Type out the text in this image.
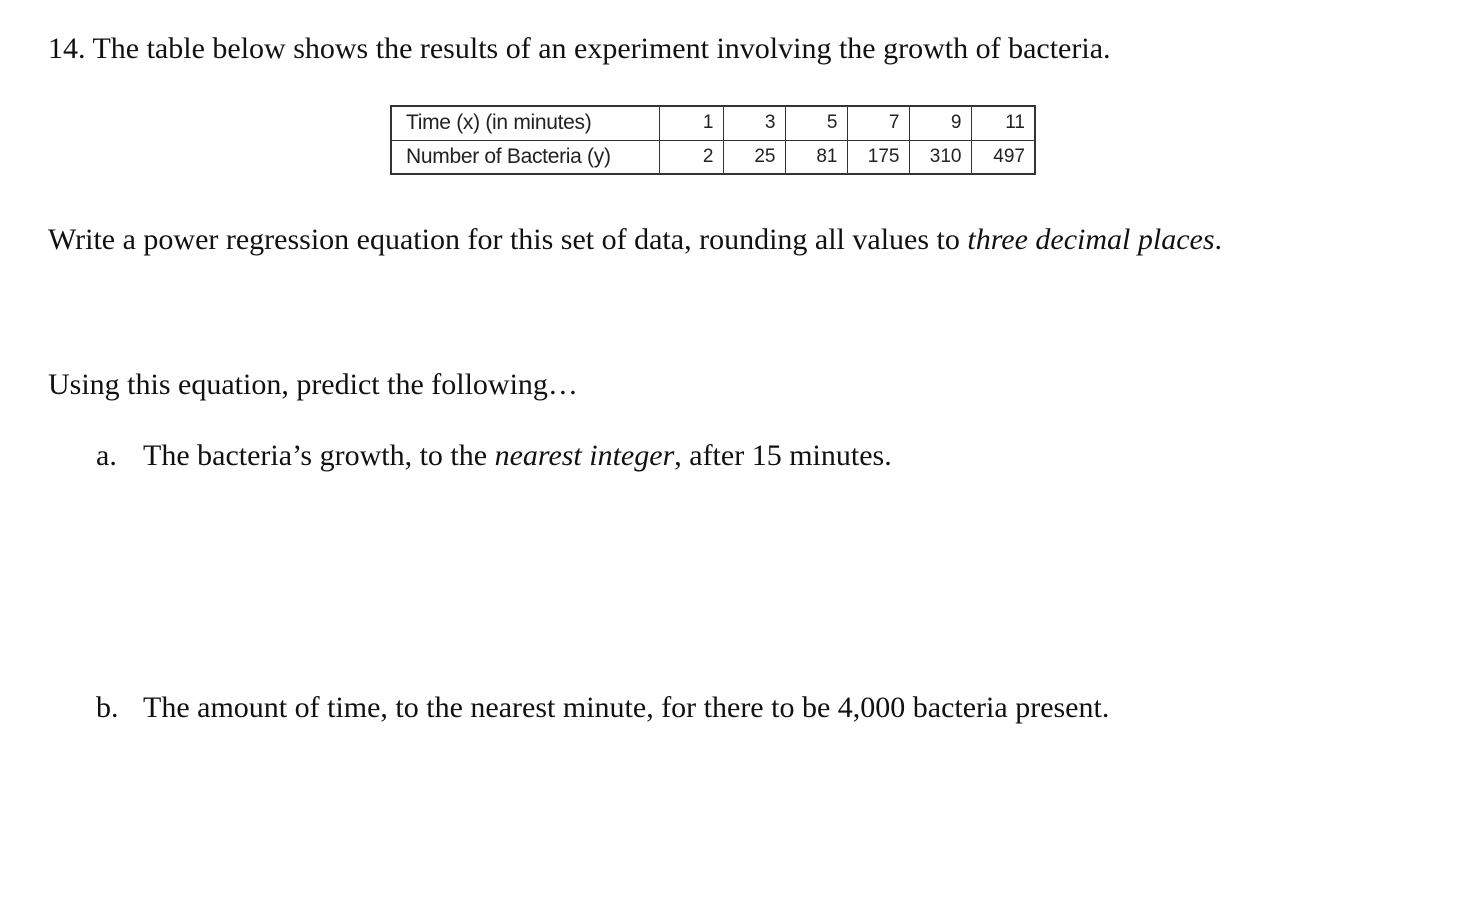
14. The table below shows the results of an experiment involving the growth of bacteria.
Time (x) (in minutes)	1	3	5	7	9	11
Number of Bacteria (y)	2	25	81	175	310	497
Write a power regression equation for this set of data, rounding all values to three decimal places.
Using this equation, predict the following…
a. The bacteria’s growth, to the nearest integer, after 15 minutes.
b. The amount of time, to the nearest minute, for there to be 4,000 bacteria present.
